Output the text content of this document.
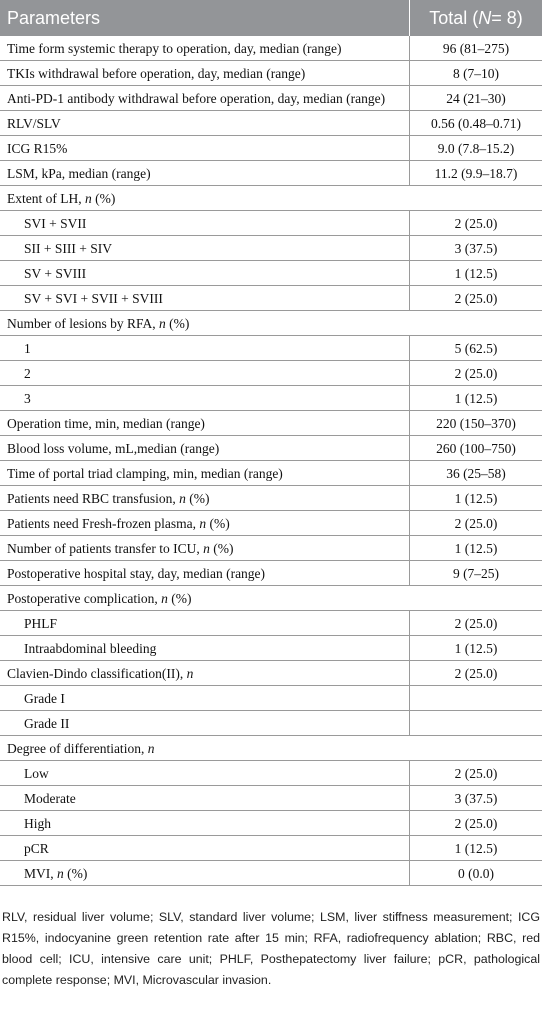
Parameters	Total ( N = 8)
Time form systemic therapy to operation, day, median (range)	96 (81–275)
TKIs withdrawal before operation, day, median (range)	8 (7–10)
Anti-PD-1 antibody withdrawal before operation, day, median (range)	24 (21–30)
RLV/SLV	0.56 (0.48–0.71)
ICG R15%	9.0 (7.8–15.2)
LSM, kPa, median (range)	11.2 (9.9–18.7)
Extent of LH, n (%)
SVI + SVII	2 (25.0)
SII + SIII + SIV	3 (37.5)
SV + SVIII	1 (12.5)
SV + SVI + SVII + SVIII	2 (25.0)
Number of lesions by RFA, n (%)
1	5 (62.5)
2	2 (25.0)
3	1 (12.5)
Operation time, min, median (range)	220 (150–370)
Blood loss volume, mL,median (range)	260 (100–750)
Time of portal triad clamping, min, median (range)	36 (25–58)
Patients need RBC transfusion, n (%)	1 (12.5)
Patients need Fresh-frozen plasma, n (%)	2 (25.0)
Number of patients transfer to ICU, n (%)	1 (12.5)
Postoperative hospital stay, day, median (range)	9 (7–25)
Postoperative complication, n (%)
PHLF	2 (25.0)
Intraabdominal bleeding	1 (12.5)
Clavien-Dindo classification(II), n	2 (25.0)
Grade I
Grade II
Degree of differentiation, n
Low	2 (25.0)
Moderate	3 (37.5)
High	2 (25.0)
pCR	1 (12.5)
MVI, n (%)	0 (0.0)
RLV, residual liver volume; SLV, standard liver volume; LSM, liver stiffness measurement; ICG R15%, indocyanine green retention rate after 15 min; RFA, radiofrequency ablation; RBC, red blood cell; ICU, intensive care unit; PHLF, Posthepatectomy liver failure; pCR, pathological complete response; MVI, Microvascular invasion.
